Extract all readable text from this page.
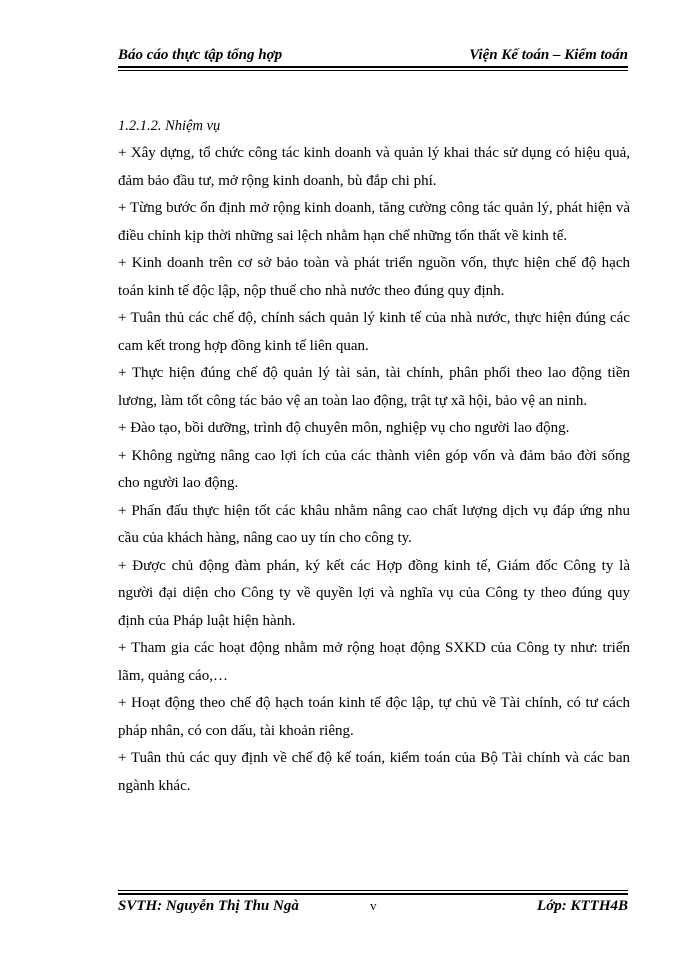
Báo cáo thực tập tổng hợp	Viện Kế toán – Kiểm toán

1.2.1.2. Nhiệm vụ

+ Xây dựng, tổ chức công tác kinh doanh và quản lý khai thác sử dụng có hiệu quả, đảm bảo đầu tư, mở rộng kinh doanh, bù đắp chi phí.

+ Từng bước ổn định mở rộng kinh doanh, tăng cường công tác quản lý, phát hiện và điều chỉnh kịp thời những sai lệch nhằm hạn chế những tổn thất về kinh tế.

+ Kinh doanh trên cơ sở bảo toàn và phát triển nguồn vốn, thực hiện chế độ hạch toán kinh tế độc lập, nộp thuế cho nhà nước theo đúng quy định.

+ Tuân thủ các chế độ, chính sách quản lý kinh tế của nhà nước, thực hiện đúng các cam kết trong hợp đồng kinh tế liên quan.

+ Thực hiện đúng chế độ quản lý tài sản, tài chính, phân phối theo lao động tiền lương, làm tốt công tác bảo vệ an toàn lao động, trật tự xã hội, bảo vệ an ninh.

+ Đào tạo, bồi dưỡng, trình độ chuyên môn, nghiệp vụ cho người lao động.

+ Không ngừng nâng cao lợi ích của các thành viên góp vốn và đảm bảo đời sống cho người lao động.

+ Phấn đấu thực hiện tốt các khâu nhằm nâng cao chất lượng dịch vụ đáp ứng nhu cầu của khách hàng, nâng cao uy tín cho công ty.

+ Được chủ động đàm phán, ký kết các Hợp đồng kinh tế, Giám đốc Công ty là người đại diện cho Công ty về quyền lợi và nghĩa vụ của Công ty theo đúng quy định của Pháp luật hiện hành.

+ Tham gia các hoạt động nhằm mở rộng hoạt động SXKD của Công ty như: triển lãm, quảng cáo,…

+ Hoạt động theo chế độ hạch toán kinh tế độc lập, tự chủ về Tài chính, có tư cách pháp nhân, có con dấu, tài khoản riêng.

+ Tuân thủ các quy định về chế độ kế toán, kiểm toán của Bộ Tài chính và các ban ngành khác.

SVTH: Nguyễn Thị Thu Ngà	v	Lớp: KTTH4B
